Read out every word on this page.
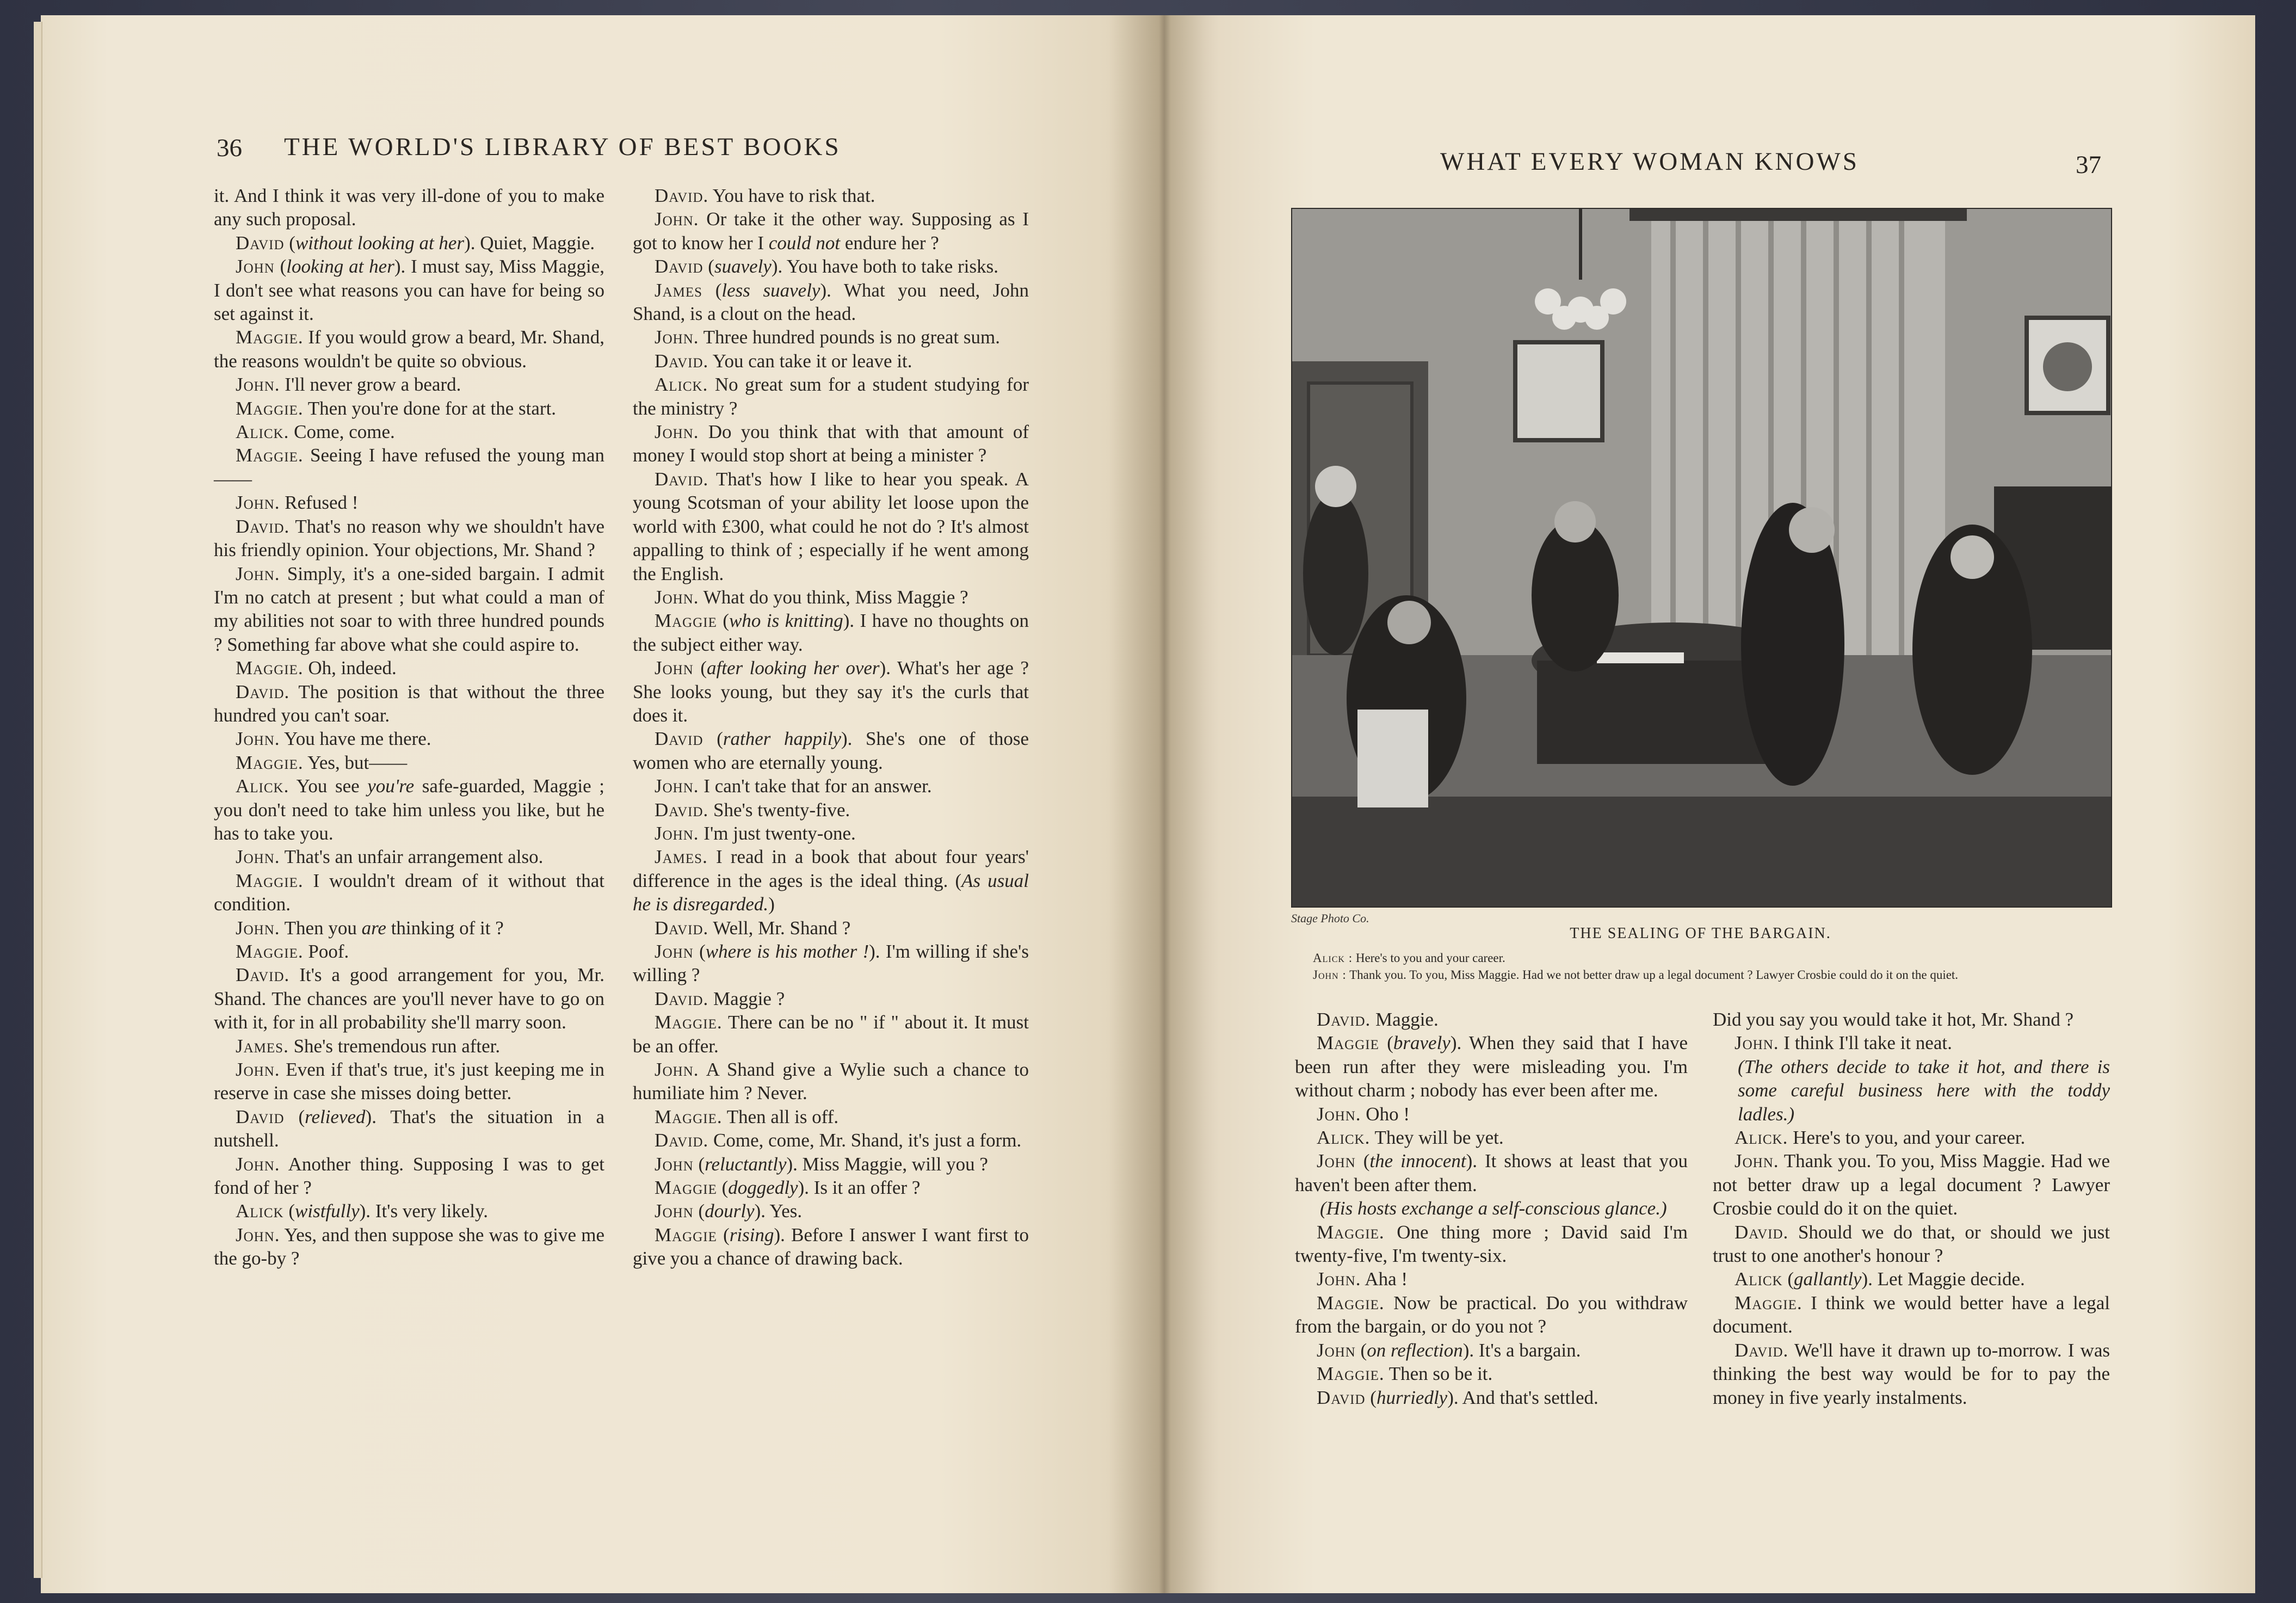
36 THE WORLD'S LIBRARY OF BEST BOOKS

it. And I think it was very ill-done of you to make any such proposal.

David (without looking at her). Quiet, Maggie.

John (looking at her). I must say, Miss Maggie, I don't see what reasons you can have for being so set against it.

Maggie. If you would grow a beard, Mr. Shand, the reasons wouldn't be quite so obvious.

John. I'll never grow a beard.

Maggie. Then you're done for at the start.

Alick. Come, come.

Maggie. Seeing I have refused the young man——

John. Refused !

David. That's no reason why we shouldn't have his friendly opinion. Your objections, Mr. Shand ?

John. Simply, it's a one-sided bargain. I admit I'm no catch at present ; but what could a man of my abilities not soar to with three hundred pounds ? Something far above what she could aspire to.

Maggie. Oh, indeed.

David. The position is that without the three hundred you can't soar.

John. You have me there.

Maggie. Yes, but——

Alick. You see you're safe-guarded, Maggie ; you don't need to take him unless you like, but he has to take you.

John. That's an unfair arrangement also.

Maggie. I wouldn't dream of it without that condition.

John. Then you are thinking of it ?

Maggie. Poof.

David. It's a good arrangement for you, Mr. Shand. The chances are you'll never have to go on with it, for in all probability she'll marry soon.

James. She's tremendous run after.

John. Even if that's true, it's just keeping me in reserve in case she misses doing better.

David (relieved). That's the situation in a nutshell.

John. Another thing. Supposing I was to get fond of her ?

Alick (wistfully). It's very likely.

John. Yes, and then suppose she was to give me the go-by ?

David. You have to risk that.

John. Or take it the other way. Supposing as I got to know her I could not endure her ?

David (suavely). You have both to take risks.

James (less suavely). What you need, John Shand, is a clout on the head.

John. Three hundred pounds is no great sum.

David. You can take it or leave it.

Alick. No great sum for a student studying for the ministry ?

John. Do you think that with that amount of money I would stop short at being a minister ?

David. That's how I like to hear you speak. A young Scotsman of your ability let loose upon the world with £300, what could he not do ? It's almost appalling to think of ; especially if he went among the English.

John. What do you think, Miss Maggie ?

Maggie (who is knitting). I have no thoughts on the subject either way.

John (after looking her over). What's her age ? She looks young, but they say it's the curls that does it.

David (rather happily). She's one of those women who are eternally young.

John. I can't take that for an answer.

David. She's twenty-five.

John. I'm just twenty-one.

James. I read in a book that about four years' difference in the ages is the ideal thing. (As usual he is disregarded.)

David. Well, Mr. Shand ?

John (where is his mother !). I'm willing if she's willing ?

David. Maggie ?

Maggie. There can be no " if " about it. It must be an offer.

John. A Shand give a Wylie such a chance to humiliate him ? Never.

Maggie. Then all is off.

David. Come, come, Mr. Shand, it's just a form.

John (reluctantly). Miss Maggie, will you ?

Maggie (doggedly). Is it an offer ?

John (dourly). Yes.

Maggie (rising). Before I answer I want first to give you a chance of drawing back.

WHAT EVERY WOMAN KNOWS	37
Stage Photo Co.
THE SEALING OF THE BARGAIN.

Alick : Here's to you and your career.

John : Thank you. To you, Miss Maggie. Had we not better draw up a legal document ? Lawyer Crosbie could do it on the quiet.

David. Maggie.

Maggie (bravely). When they said that I have been run after they were misleading you. I'm without charm ; nobody has ever been after me.

John. Oho !

Alick. They will be yet.

John (the innocent). It shows at least that you haven't been after them.

(His hosts exchange a self-conscious glance.)

Maggie. One thing more ; David said I'm twenty-five, I'm twenty-six.

John. Aha !

Maggie. Now be practical. Do you withdraw from the bargain, or do you not ?

John (on reflection). It's a bargain.

Maggie. Then so be it.

David (hurriedly). And that's settled.

Did you say you would take it hot, Mr. Shand ?

John. I think I'll take it neat.

(The others decide to take it hot, and there is some careful business here with the toddy ladles.)

Alick. Here's to you, and your career.

John. Thank you. To you, Miss Maggie. Had we not better draw up a legal document ? Lawyer Crosbie could do it on the quiet.

David. Should we do that, or should we just trust to one another's honour ?

Alick (gallantly). Let Maggie decide.

Maggie. I think we would better have a legal document.

David. We'll have it drawn up to-morrow. I was thinking the best way would be for to pay the money in five yearly instalments.
